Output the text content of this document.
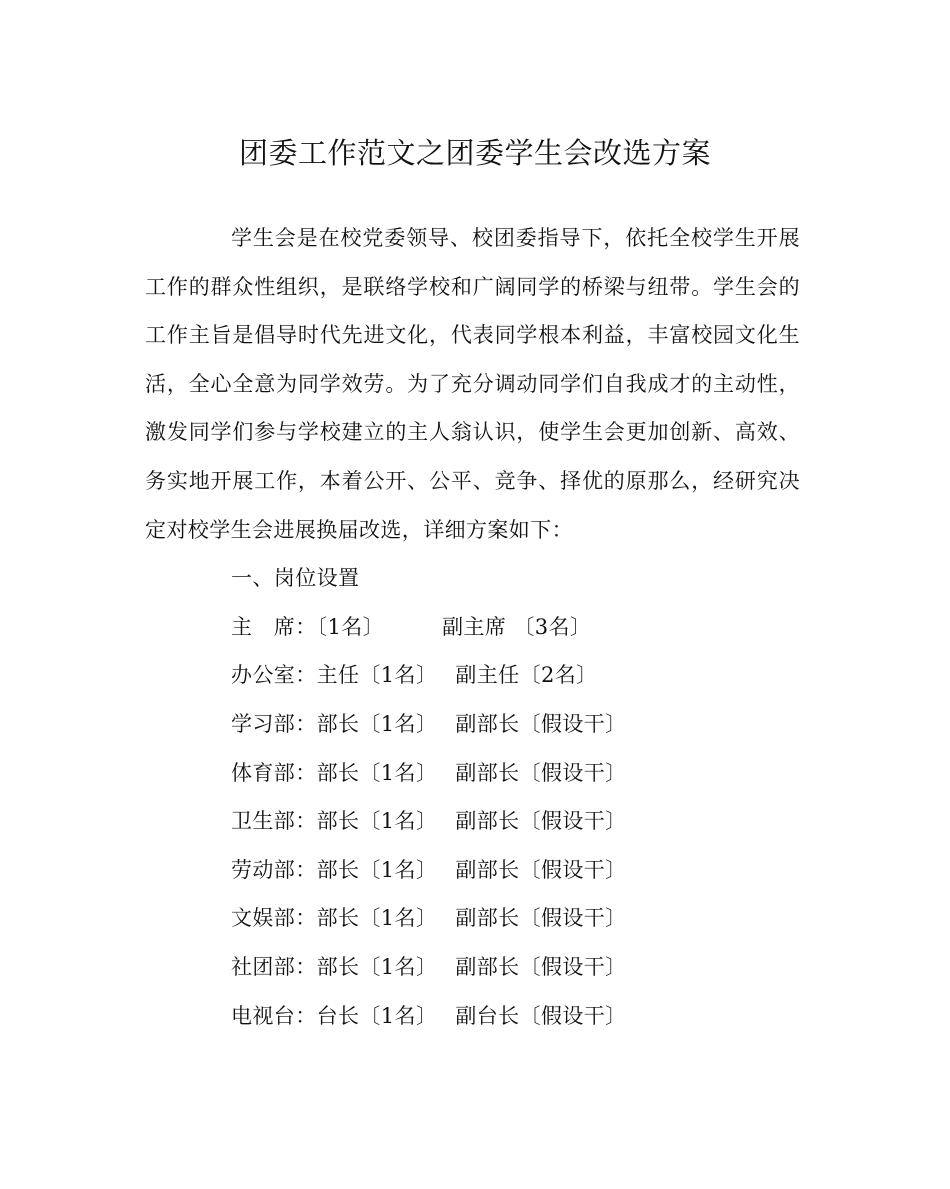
团委工作范文之团委学生会改选方案

学生会是在校党委领导、校团委指导下，依托全校学生开展工作的群众性组织，是联络学校和广阔同学的桥梁与纽带。学生会的工作主旨是倡导时代先进文化，代表同学根本利益，丰富校园文化生活，全心全意为同学效劳。为了充分调动同学们自我成才的主动性，激发同学们参与学校建立的主人翁认识，使学生会更加创新、高效、务实地开展工作，本着公开、公平、竞争、择优的原那么，经研究决定对校学生会进展换届改选，详细方案如下：

一、岗位设置
主　席：〔1名〕	副主席 〔3名〕
办公室：主任〔1名〕 副主任〔2名〕
学习部：部长〔1名〕 副部长〔假设干〕
体育部：部长〔1名〕 副部长〔假设干〕
卫生部：部长〔1名〕 副部长〔假设干〕
劳动部：部长〔1名〕 副部长〔假设干〕
文娱部：部长〔1名〕 副部长〔假设干〕
社团部：部长〔1名〕 副部长〔假设干〕
电视台：台长〔1名〕 副台长〔假设干〕
